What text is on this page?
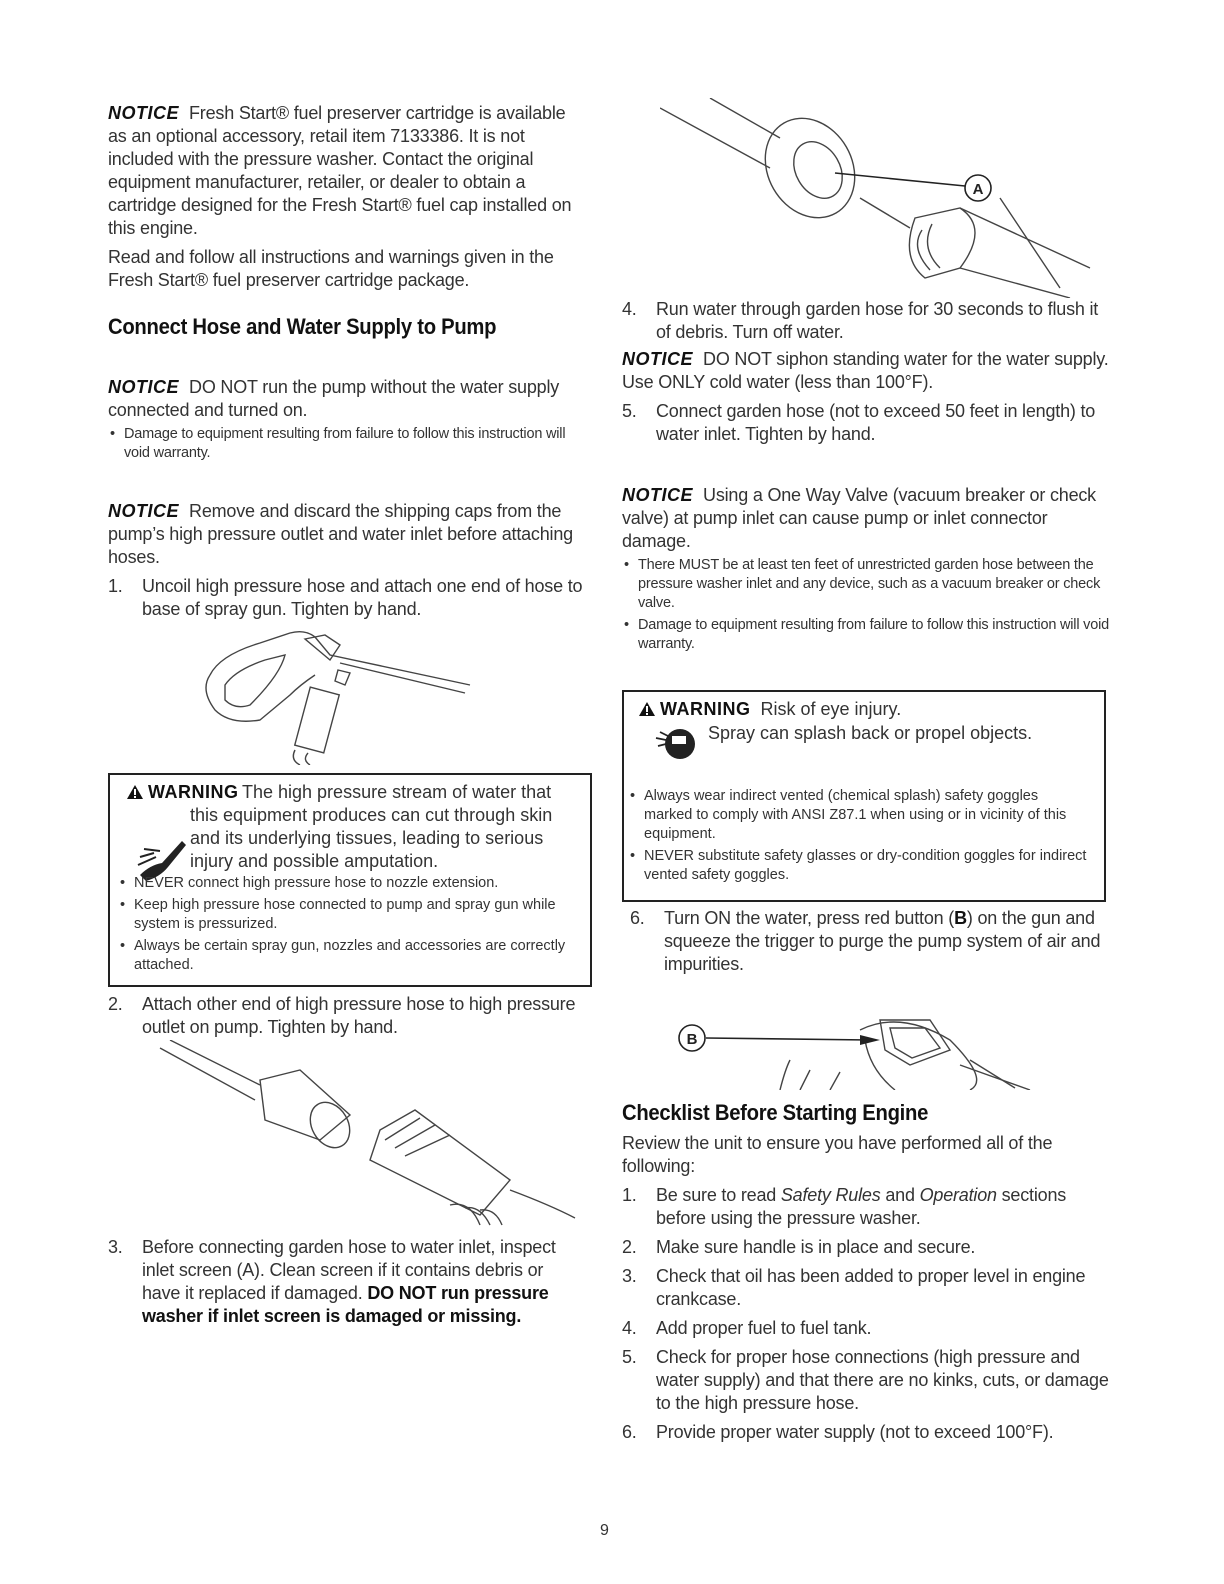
NOTICE Fresh Start® fuel preserver cartridge is available as an optional accessory, retail item 7133386. It is not included with the pressure washer. Contact the original equipment manufacturer, retailer, or dealer to obtain a cartridge designed for the Fresh Start® fuel cap installed on this engine.

Read and follow all instructions and warnings given in the Fresh Start® fuel preserver cartridge package.

Connect Hose and Water Supply to Pump

NOTICE DO NOT run the pump without the water supply connected and turned on.

• Damage to equipment resulting from failure to follow this instruction will void warranty.

NOTICE Remove and discard the shipping caps from the pump’s high pressure outlet and water inlet before attaching hoses.

1. Uncoil high pressure hose and attach one end of hose to base of spray gun. Tighten by hand.
WARNING The high pressure stream of water that this equipment produces can cut through skin and its underlying tissues, leading to serious injury and possible amputation.
• NEVER connect high pressure hose to nozzle extension.
• Keep high pressure hose connected to pump and spray gun while system is pressurized.
• Always be certain spray gun, nozzles and accessories are correctly attached.
2. Attach other end of high pressure hose to high pressure outlet on pump. Tighten by hand.
3. Before connecting garden hose to water inlet, inspect inlet screen (A). Clean screen if it contains debris or have it replaced if damaged. DO NOT run pressure washer if inlet screen is damaged or missing.
A
4. Run water through garden hose for 30 seconds to flush it of debris. Turn off water.

NOTICE DO NOT siphon standing water for the water supply. Use ONLY cold water (less than 100°F).

5. Connect garden hose (not to exceed 50 feet in length) to water inlet. Tighten by hand.

NOTICE Using a One Way Valve (vacuum breaker or check valve) at pump inlet can cause pump or inlet connector damage.

• There MUST be at least ten feet of unrestricted garden hose between the pressure washer inlet and any device, such as a vacuum breaker or check valve.
• Damage to equipment resulting from failure to follow this instruction will void warranty.
WARNING Risk of eye injury.
Spray can splash back or propel objects.
• Always wear indirect vented (chemical splash) safety goggles marked to comply with ANSI Z87.1 when using or in vicinity of this equipment.
• NEVER substitute safety glasses or dry-condition goggles for indirect vented safety goggles.
6. Turn ON the water, press red button (B) on the gun and squeeze the trigger to purge the pump system of air and impurities.
B
Checklist Before Starting Engine

Review the unit to ensure you have performed all of the following:

1. Be sure to read Safety Rules and Operation sections before using the pressure washer.
2. Make sure handle is in place and secure.
3. Check that oil has been added to proper level in engine crankcase.
4. Add proper fuel to fuel tank.
5. Check for proper hose connections (high pressure and water supply) and that there are no kinks, cuts, or damage to the high pressure hose.
6. Provide proper water supply (not to exceed 100°F).
9
